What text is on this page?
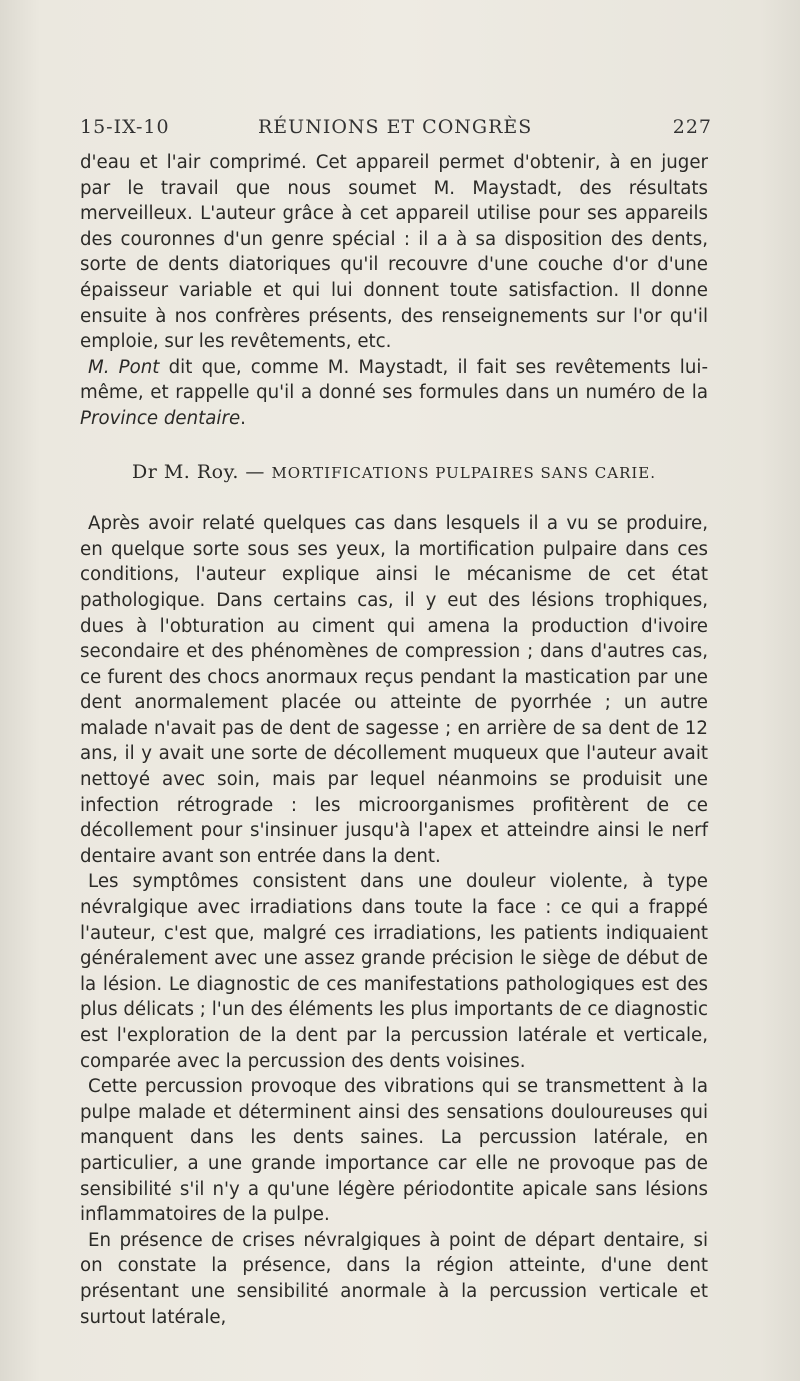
15-IX-10	RÉUNIONS ET CONGRÈS	227

d'eau et l'air comprimé. Cet appareil permet d'obtenir, à en juger par le travail que nous soumet M. Maystadt, des résultats merveilleux. L'auteur grâce à cet appareil utilise pour ses appareils des couronnes d'un genre spécial : il a à sa disposition des dents, sorte de dents diatoriques qu'il recouvre d'une couche d'or d'une épaisseur variable et qui lui donnent toute satisfaction. Il donne ensuite à nos confrères présents, des renseignements sur l'or qu'il emploie, sur les revêtements, etc.

M. Pont dit que, comme M. Maystadt, il fait ses revêtements lui-même, et rappelle qu'il a donné ses formules dans un numéro de la Province dentaire.

Dr M. Roy. — MORTIFICATIONS PULPAIRES SANS CARIE.

Après avoir relaté quelques cas dans lesquels il a vu se produire, en quelque sorte sous ses yeux, la mortification pulpaire dans ces conditions, l'auteur explique ainsi le mécanisme de cet état pathologique. Dans certains cas, il y eut des lésions trophiques, dues à l'obturation au ciment qui amena la production d'ivoire secondaire et des phénomènes de compression ; dans d'autres cas, ce furent des chocs anormaux reçus pendant la mastication par une dent anormalement placée ou atteinte de pyorrhée ; un autre malade n'avait pas de dent de sagesse ; en arrière de sa dent de 12 ans, il y avait une sorte de décollement muqueux que l'auteur avait nettoyé avec soin, mais par lequel néanmoins se produisit une infection rétrograde : les microorganismes profitèrent de ce décollement pour s'insinuer jusqu'à l'apex et atteindre ainsi le nerf dentaire avant son entrée dans la dent.

Les symptômes consistent dans une douleur violente, à type névralgique avec irradiations dans toute la face : ce qui a frappé l'auteur, c'est que, malgré ces irradiations, les patients indiquaient généralement avec une assez grande précision le siège de début de la lésion. Le diagnostic de ces manifestations pathologiques est des plus délicats ; l'un des éléments les plus importants de ce diagnostic est l'exploration de la dent par la percussion latérale et verticale, comparée avec la percussion des dents voisines.

Cette percussion provoque des vibrations qui se transmettent à la pulpe malade et déterminent ainsi des sensations douloureuses qui manquent dans les dents saines. La percussion latérale, en particulier, a une grande importance car elle ne provoque pas de sensibilité s'il n'y a qu'une légère périodontite apicale sans lésions inflammatoires de la pulpe.

En présence de crises névralgiques à point de départ dentaire, si on constate la présence, dans la région atteinte, d'une dent présentant une sensibilité anormale à la percussion verticale et surtout latérale,
